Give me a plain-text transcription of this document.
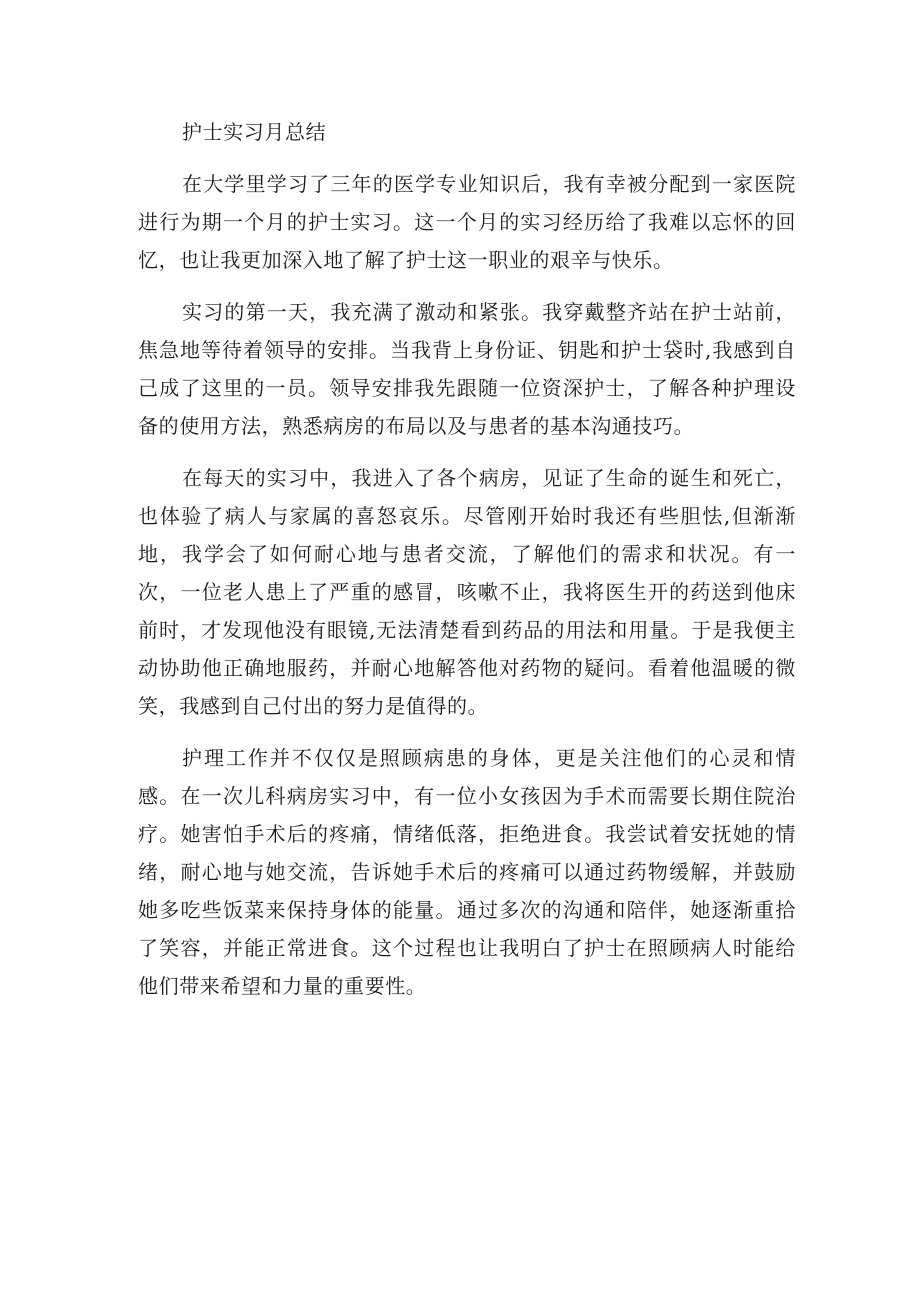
护士实习月总结

在大学里学习了三年的医学专业知识后，我有幸被分配到一家医院进行为期一个月的护士实习。这一个月的实习经历给了我难以忘怀的回忆，也让我更加深入地了解了护士这一职业的艰辛与快乐。

实习的第一天，我充满了激动和紧张。我穿戴整齐站在护士站前，焦急地等待着领导的安排。当我背上身份证、钥匙和护士袋时,我感到自己成了这里的一员。领导安排我先跟随一位资深护士，了解各种护理设备的使用方法，熟悉病房的布局以及与患者的基本沟通技巧。

在每天的实习中，我进入了各个病房，见证了生命的诞生和死亡，也体验了病人与家属的喜怒哀乐。尽管刚开始时我还有些胆怯,但渐渐地，我学会了如何耐心地与患者交流，了解他们的需求和状况。有一次，一位老人患上了严重的感冒，咳嗽不止，我将医生开的药送到他床前时，才发现他没有眼镜,无法清楚看到药品的用法和用量。于是我便主动协助他正确地服药，并耐心地解答他对药物的疑问。看着他温暖的微笑，我感到自己付出的努力是值得的。

护理工作并不仅仅是照顾病患的身体，更是关注他们的心灵和情感。在一次儿科病房实习中，有一位小女孩因为手术而需要长期住院治疗。她害怕手术后的疼痛，情绪低落，拒绝进食。我尝试着安抚她的情绪，耐心地与她交流，告诉她手术后的疼痛可以通过药物缓解，并鼓励她多吃些饭菜来保持身体的能量。通过多次的沟通和陪伴，她逐渐重拾了笑容，并能正常进食。这个过程也让我明白了护士在照顾病人时能给他们带来希望和力量的重要性。
